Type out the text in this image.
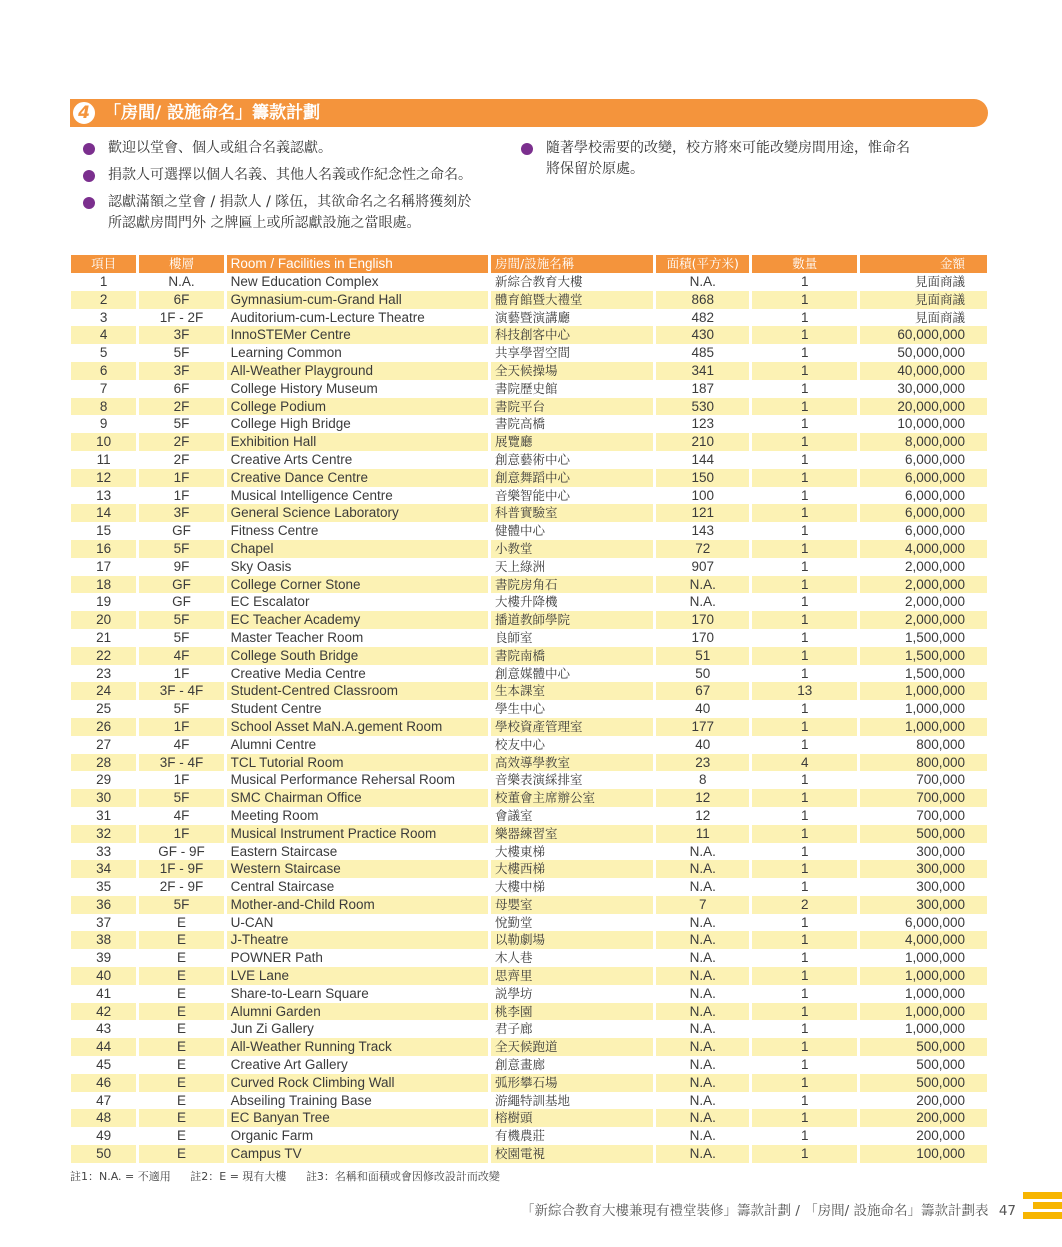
4 「房間/ 設施命名」籌款計劃
歡迎以堂會、個人或組合名義認獻。
捐款人可選擇以個人名義、其他人名義或作紀念性之命名。
認獻滿額之堂會 / 捐款人 / 隊伍，其欲命名之名稱將獲刻於
所認獻房間門外 之牌匾上或所認獻設施之當眼處。
隨著學校需要的改變，校方將來可能改變房間用途，惟命名
將保留於原處。
項目	樓層	Room / Facilities in English	房間/設施名稱	面積(平方米)	數量	金額
1	N.A.	New Education Complex	新綜合教育大樓	N.A.	1	見面商議
2	6F	Gymnasium-cum-Grand Hall	體育館暨大禮堂	868	1	見面商議
3	1F - 2F	Auditorium-cum-Lecture Theatre	演藝暨演講廳	482	1	見面商議
4	3F	InnoSTEMer Centre	科技創客中心	430	1	60,000,000
5	5F	Learning Common	共享學習空間	485	1	50,000,000
6	3F	All-Weather Playground	全天候操場	341	1	40,000,000
7	6F	College History Museum	書院歷史館	187	1	30,000,000
8	2F	College Podium	書院平台	530	1	20,000,000
9	5F	College High Bridge	書院高橋	123	1	10,000,000
10	2F	Exhibition Hall	展覽廳	210	1	8,000,000
11	2F	Creative Arts Centre	創意藝術中心	144	1	6,000,000
12	1F	Creative Dance Centre	創意舞蹈中心	150	1	6,000,000
13	1F	Musical Intelligence Centre	音樂智能中心	100	1	6,000,000
14	3F	General Science Laboratory	科普實驗室	121	1	6,000,000
15	GF	Fitness Centre	健體中心	143	1	6,000,000
16	5F	Chapel	小教堂	72	1	4,000,000
17	9F	Sky Oasis	天上綠洲	907	1	2,000,000
18	GF	College Corner Stone	書院房角石	N.A.	1	2,000,000
19	GF	EC Escalator	大樓升降機	N.A.	1	2,000,000
20	5F	EC Teacher Academy	播道教師學院	170	1	2,000,000
21	5F	Master Teacher Room	良師室	170	1	1,500,000
22	4F	College South Bridge	書院南橋	51	1	1,500,000
23	1F	Creative Media Centre	創意媒體中心	50	1	1,500,000
24	3F - 4F	Student-Centred Classroom	生本課室	67	13	1,000,000
25	5F	Student Centre	學生中心	40	1	1,000,000
26	1F	School Asset MaN.A.gement Room	學校資產管理室	177	1	1,000,000
27	4F	Alumni Centre	校友中心	40	1	800,000
28	3F - 4F	TCL Tutorial Room	高效導學教室	23	4	800,000
29	1F	Musical Performance Rehersal Room	音樂表演綵排室	8	1	700,000
30	5F	SMC Chairman Office	校董會主席辦公室	12	1	700,000
31	4F	Meeting Room	會議室	12	1	700,000
32	1F	Musical Instrument Practice Room	樂器練習室	11	1	500,000
33	GF - 9F	Eastern Staircase	大樓東梯	N.A.	1	300,000
34	1F - 9F	Western Staircase	大樓西梯	N.A.	1	300,000
35	2F - 9F	Central Staircase	大樓中梯	N.A.	1	300,000
36	5F	Mother-and-Child Room	母嬰室	7	2	300,000
37	E	U-CAN	悅勤堂	N.A.	1	6,000,000
38	E	J-Theatre	以勒劇場	N.A.	1	4,000,000
39	E	POWNER Path	木人巷	N.A.	1	1,000,000
40	E	LVE Lane	思齊里	N.A.	1	1,000,000
41	E	Share-to-Learn Square	説學坊	N.A.	1	1,000,000
42	E	Alumni Garden	桃李園	N.A.	1	1,000,000
43	E	Jun Zi Gallery	君子廊	N.A.	1	1,000,000
44	E	All-Weather Running Track	全天候跑道	N.A.	1	500,000
45	E	Creative Art Gallery	創意畫廊	N.A.	1	500,000
46	E	Curved Rock Climbing Wall	弧形攀石場	N.A.	1	500,000
47	E	Abseiling Training Base	游繩特訓基地	N.A.	1	200,000
48	E	EC Banyan Tree	榕樹頭	N.A.	1	200,000
49	E	Organic Farm	有機農莊	N.A.	1	200,000
50	E	Campus TV	校園電視	N.A.	1	100,000
註1：N.A. = 不適用 註2：E = 現有大樓 註3：名稱和面積或會因修改設計而改變
「新綜合教育大樓兼現有禮堂裝修」籌款計劃 / 「房間/ 設施命名」籌款計劃表 47
